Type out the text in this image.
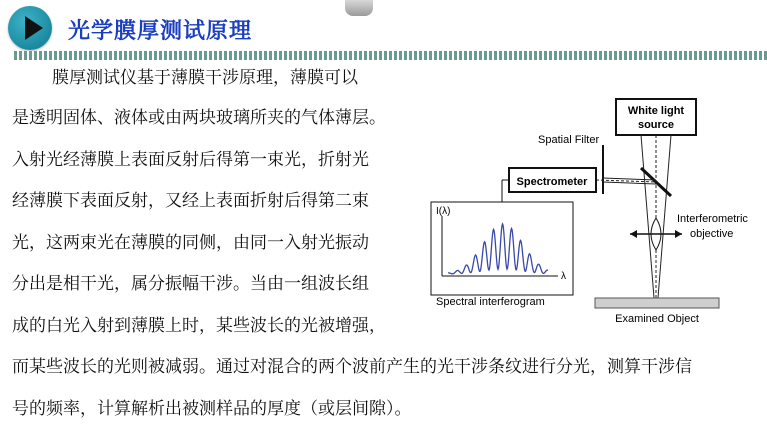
光学膜厚测试原理
膜厚测试仪基于薄膜干涉原理，薄膜可以
是透明固体、液体或由两块玻璃所夹的气体薄层。
入射光经薄膜上表面反射后得第一束光，折射光
经薄膜下表面反射，又经上表面折射后得第二束
光，这两束光在薄膜的同侧，由同一入射光振动
分出是相干光，属分振幅干涉。当由一组波长组
成的白光入射到薄膜上时，某些波长的光被增强，
而某些波长的光则被减弱。通过对混合的两个波前产生的光干涉条纹进行分光，测算干涉信
号的频率，计算解析出被测样品的厚度（或层间隙）。
White light
source
Spatial Filter
Spectrometer
I(λ)
λ
Spectral interferogram
Interferometric
objective
Examined Object
